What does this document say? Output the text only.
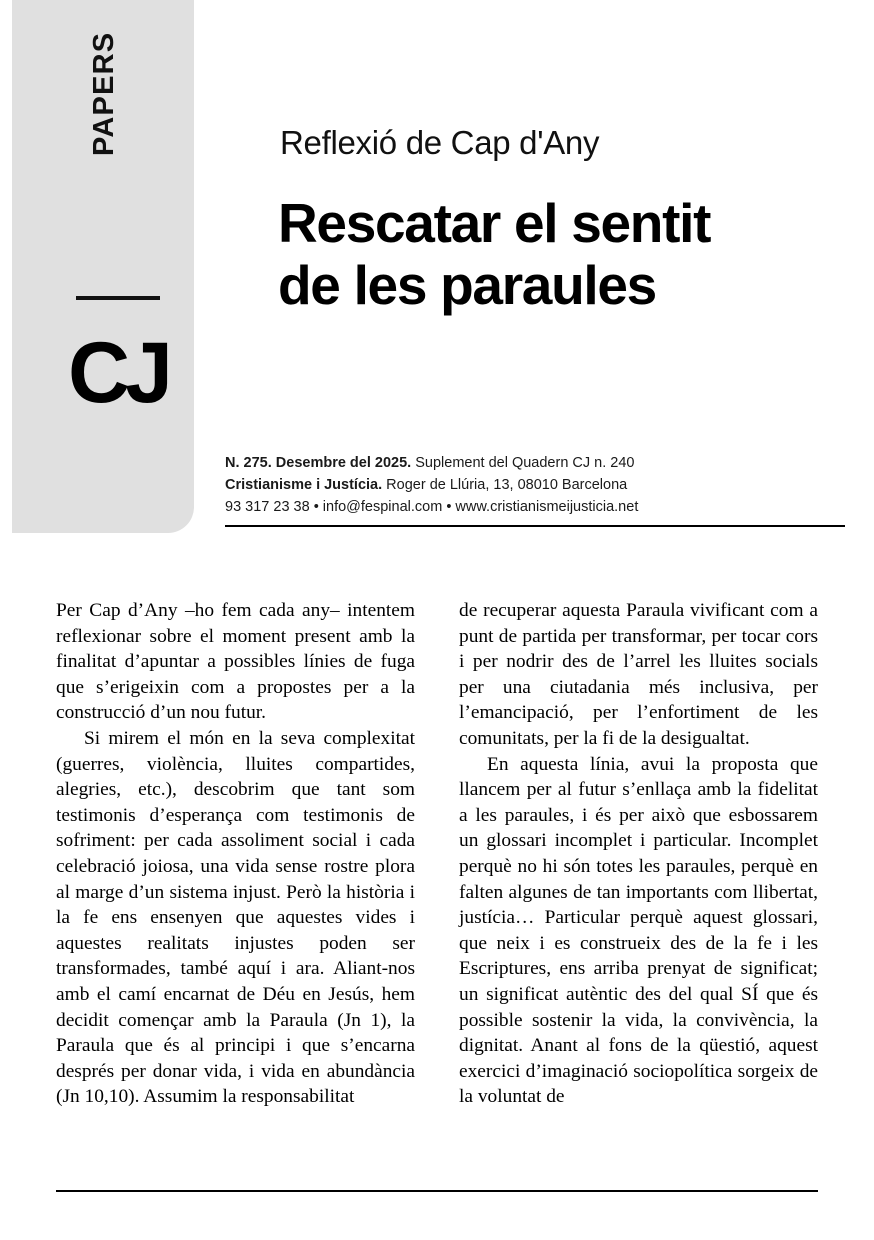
PAPERS
CJ
Reflexió de Cap d'Any
Rescatar el sentit
de les paraules
N. 275. Desembre del 2025. Suplement del Quadern CJ n. 240
Cristianisme i Justícia. Roger de Llúria, 13, 08010 Barcelona
93 317 23 38 • info@fespinal.com • www.cristianismeijusticia.net

Per Cap d’Any –ho fem cada any– intentem reflexionar sobre el moment present amb la finalitat d’apuntar a possibles línies de fuga que s’erigeixin com a propostes per a la construcció d’un nou futur.

Si mirem el món en la seva complexitat (guerres, violència, lluites compartides, alegries, etc.), descobrim que tant som testimonis d’esperança com testimonis de sofriment: per cada assoliment social i cada celebració joiosa, una vida sense rostre plora al marge d’un sistema injust. Però la història i la fe ens ensenyen que aquestes vides i aquestes realitats injustes poden ser transformades, també aquí i ara. Aliant-nos amb el camí encarnat de Déu en Jesús, hem decidit començar amb la Paraula (Jn 1), la Paraula que és al principi i que s’encarna després per donar vida, i vida en abundància (Jn 10,10). Assumim la responsabilitat

de recuperar aquesta Paraula vivificant com a punt de partida per transformar, per tocar cors i per nodrir des de l’arrel les lluites socials per una ciutadania més inclusiva, per l’emancipació, per l’enfortiment de les comunitats, per la fi de la desigualtat.

En aquesta línia, avui la proposta que llancem per al futur s’enllaça amb la fidelitat a les paraules, i és per això que esbossarem un glossari incomplet i particular. Incomplet perquè no hi són totes les paraules, perquè en falten algunes de tan importants com llibertat, justícia… Particular perquè aquest glossari, que neix i es construeix des de la fe i les Escriptures, ens arriba prenyat de significat; un significat autèntic des del qual SÍ que és possible sostenir la vida, la convivència, la dignitat. Anant al fons de la qüestió, aquest exercici d’imaginació sociopolítica sorgeix de la voluntat de
